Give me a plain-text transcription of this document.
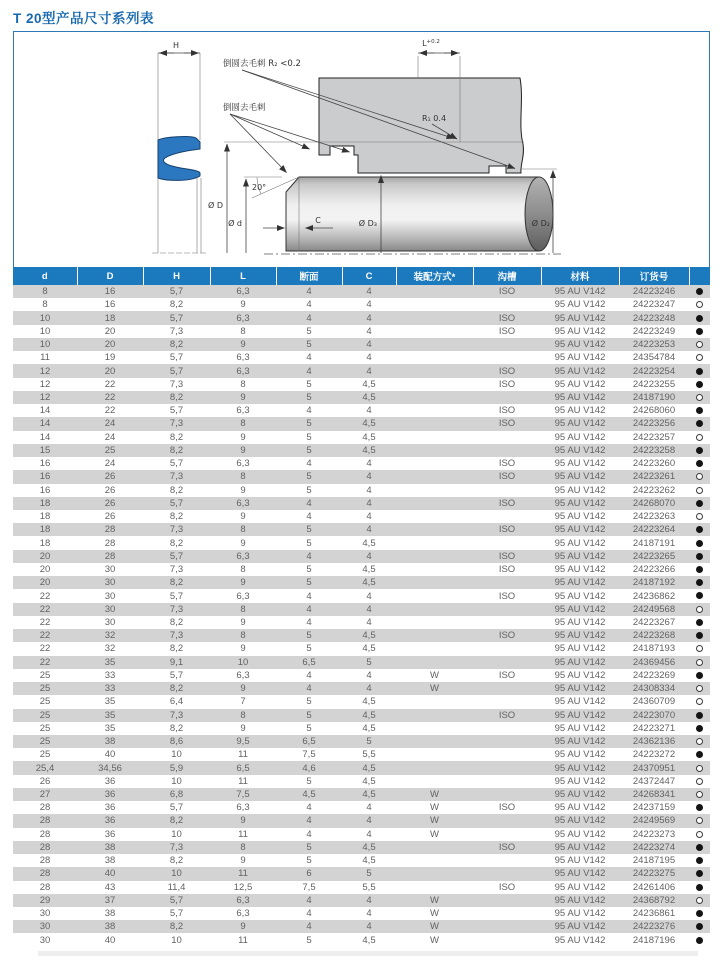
T 20型产品尺寸系列表
H	$L^{+0.2}$
倒圆去毛刺 R₂ <0.2
倒圆去毛刺
R₁ 0.4
20°
Ø D
Ø d	C	Ø D₃	Ø D₂
d	D	H	L	断面	C	装配方式*	沟槽	材料	订货号	
8	16	5,7	6,3	4	4		ISO	95 AU V142	24223246	
8	16	8,2	9	4	4			95 AU V142	24223247	
10	18	5,7	6,3	4	4		ISO	95 AU V142	24223248	
10	20	7,3	8	5	4		ISO	95 AU V142	24223249	
10	20	8,2	9	5	4			95 AU V142	24223253	
11	19	5,7	6,3	4	4			95 AU V142	24354784	
12	20	5,7	6,3	4	4		ISO	95 AU V142	24223254	
12	22	7,3	8	5	4,5		ISO	95 AU V142	24223255	
12	22	8,2	9	5	4,5			95 AU V142	24187190	
14	22	5,7	6,3	4	4		ISO	95 AU V142	24268060	
14	24	7,3	8	5	4,5		ISO	95 AU V142	24223256	
14	24	8,2	9	5	4,5			95 AU V142	24223257	
15	25	8,2	9	5	4,5			95 AU V142	24223258	
16	24	5,7	6,3	4	4		ISO	95 AU V142	24223260	
16	26	7,3	8	5	4		ISO	95 AU V142	24223261	
16	26	8,2	9	5	4			95 AU V142	24223262	
18	26	5,7	6,3	4	4		ISO	95 AU V142	24268070	
18	26	8,2	9	4	4			95 AU V142	24223263	
18	28	7,3	8	5	4		ISO	95 AU V142	24223264	
18	28	8,2	9	5	4,5			95 AU V142	24187191	
20	28	5,7	6,3	4	4		ISO	95 AU V142	24223265	
20	30	7,3	8	5	4,5		ISO	95 AU V142	24223266	
20	30	8,2	9	5	4,5			95 AU V142	24187192	
22	30	5,7	6,3	4	4		ISO	95 AU V142	24236862	
22	30	7,3	8	4	4			95 AU V142	24249568	
22	30	8,2	9	4	4			95 AU V142	24223267	
22	32	7,3	8	5	4,5		ISO	95 AU V142	24223268	
22	32	8,2	9	5	4,5			95 AU V142	24187193	
22	35	9,1	10	6,5	5			95 AU V142	24369456	
25	33	5,7	6,3	4	4	W	ISO	95 AU V142	24223269	
25	33	8,2	9	4	4	W		95 AU V142	24308334	
25	35	6,4	7	5	4,5			95 AU V142	24360709	
25	35	7,3	8	5	4,5		ISO	95 AU V142	24223070	
25	35	8,2	9	5	4,5			95 AU V142	24223271	
25	38	8,6	9,5	6,5	5			95 AU V142	24362136	
25	40	10	11	7,5	5,5			95 AU V142	24223272	
25,4	34,56	5,9	6,5	4,6	4,5			95 AU V142	24370951	
26	36	10	11	5	4,5			95 AU V142	24372447	
27	36	6,8	7,5	4,5	4,5	W		95 AU V142	24268341	
28	36	5,7	6,3	4	4	W	ISO	95 AU V142	24237159	
28	36	8,2	9	4	4	W		95 AU V142	24249569	
28	36	10	11	4	4	W		95 AU V142	24223273	
28	38	7,3	8	5	4,5		ISO	95 AU V142	24223274	
28	38	8,2	9	5	4,5			95 AU V142	24187195	
28	40	10	11	6	5			95 AU V142	24223275	
28	43	11,4	12,5	7,5	5,5		ISO	95 AU V142	24261406	
29	37	5,7	6,3	4	4	W		95 AU V142	24368792	
30	38	5,7	6,3	4	4	W		95 AU V142	24236861	
30	38	8,2	9	4	4	W		95 AU V142	24223276	
30	40	10	11	5	4,5	W		95 AU V142	24187196	
